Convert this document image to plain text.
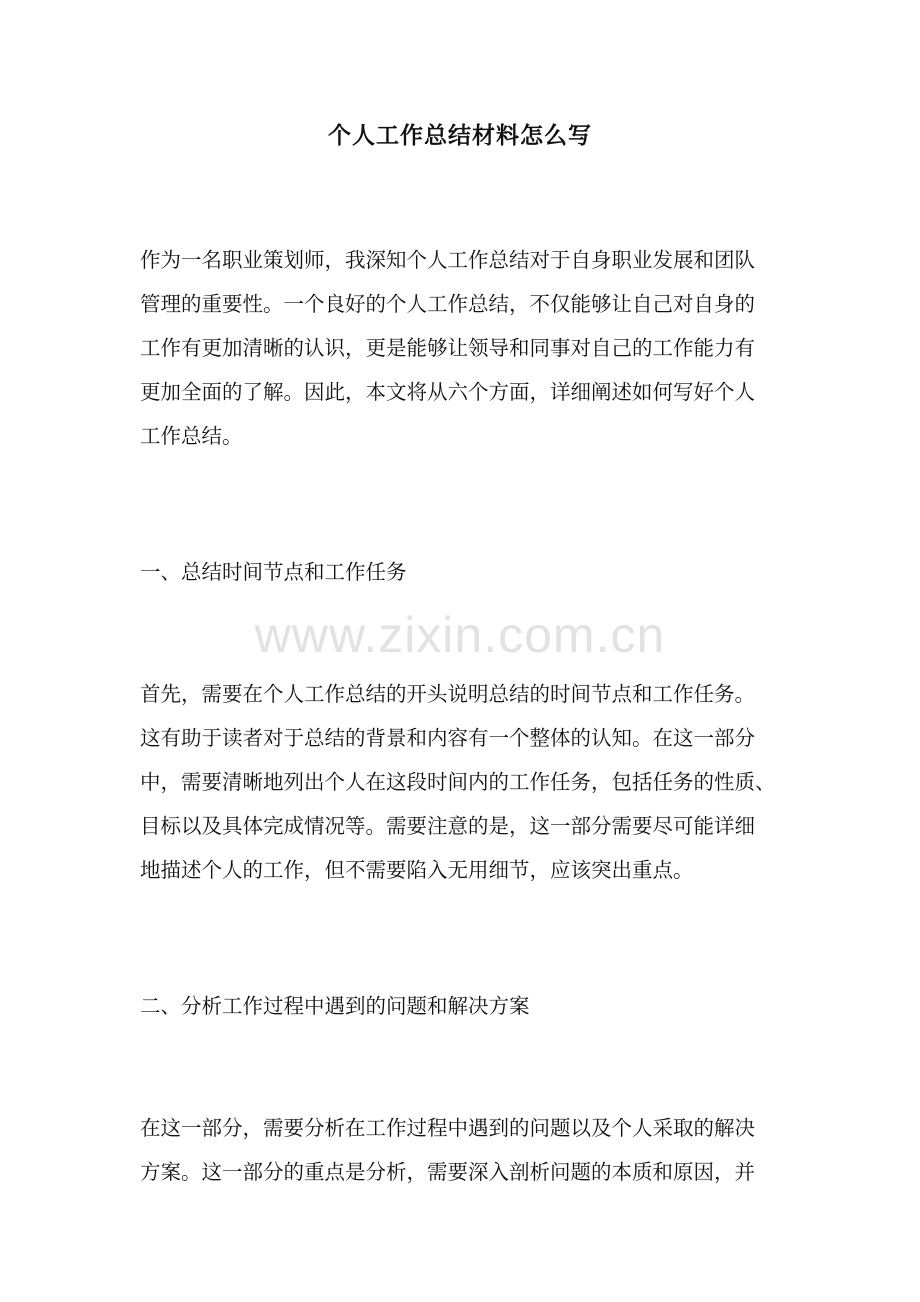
个人工作总结材料怎么写
作为一名职业策划师，我深知个人工作总结对于自身职业发展和团队
管理的重要性。一个良好的个人工作总结，不仅能够让自己对自身的
工作有更加清晰的认识，更是能够让领导和同事对自己的工作能力有
更加全面的了解。因此，本文将从六个方面，详细阐述如何写好个人
工作总结。
一、总结时间节点和工作任务
www.zixin.com.cn
首先，需要在个人工作总结的开头说明总结的时间节点和工作任务。
这有助于读者对于总结的背景和内容有一个整体的认知。在这一部分
中，需要清晰地列出个人在这段时间内的工作任务，包括任务的性质、
目标以及具体完成情况等。需要注意的是，这一部分需要尽可能详细
地描述个人的工作，但不需要陷入无用细节，应该突出重点。
二、分析工作过程中遇到的问题和解决方案
在这一部分，需要分析在工作过程中遇到的问题以及个人采取的解决
方案。这一部分的重点是分析，需要深入剖析问题的本质和原因，并
